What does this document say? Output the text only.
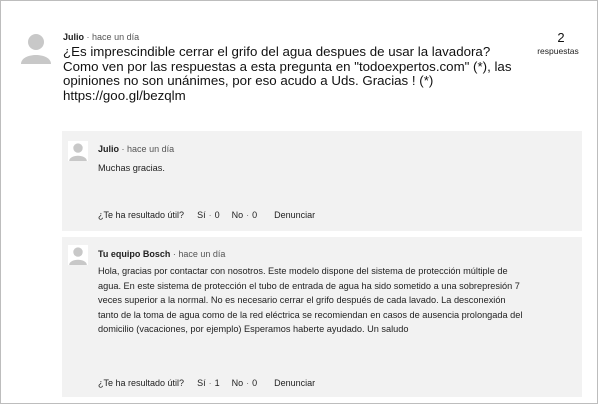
Julio · hace un día
¿Es imprescindible cerrar el grifo del agua despues de usar la lavadora? Como ven por las respuestas a esta pregunta en "todoexpertos.com" (*), las opiniones no son unánimes, por eso acudo a Uds. Gracias ! (*) https://goo.gl/bezqlm
2
respuestas
Julio · hace un día
Muchas gracias.
¿Te ha resultado útil? Sí · 0 No · 0 Denunciar
Tu equipo Bosch · hace un día
Hola, gracias por contactar con nosotros. Este modelo dispone del sistema de protección múltiple de agua. En este sistema de protección el tubo de entrada de agua ha sido sometido a una sobrepresión 7 veces superior a la normal. No es necesario cerrar el grifo después de cada lavado. La desconexión tanto de la toma de agua como de la red eléctrica se recomiendan en casos de ausencia prolongada del domicilio (vacaciones, por ejemplo) Esperamos haberte ayudado. Un saludo
¿Te ha resultado útil? Sí · 1 No · 0 Denunciar
